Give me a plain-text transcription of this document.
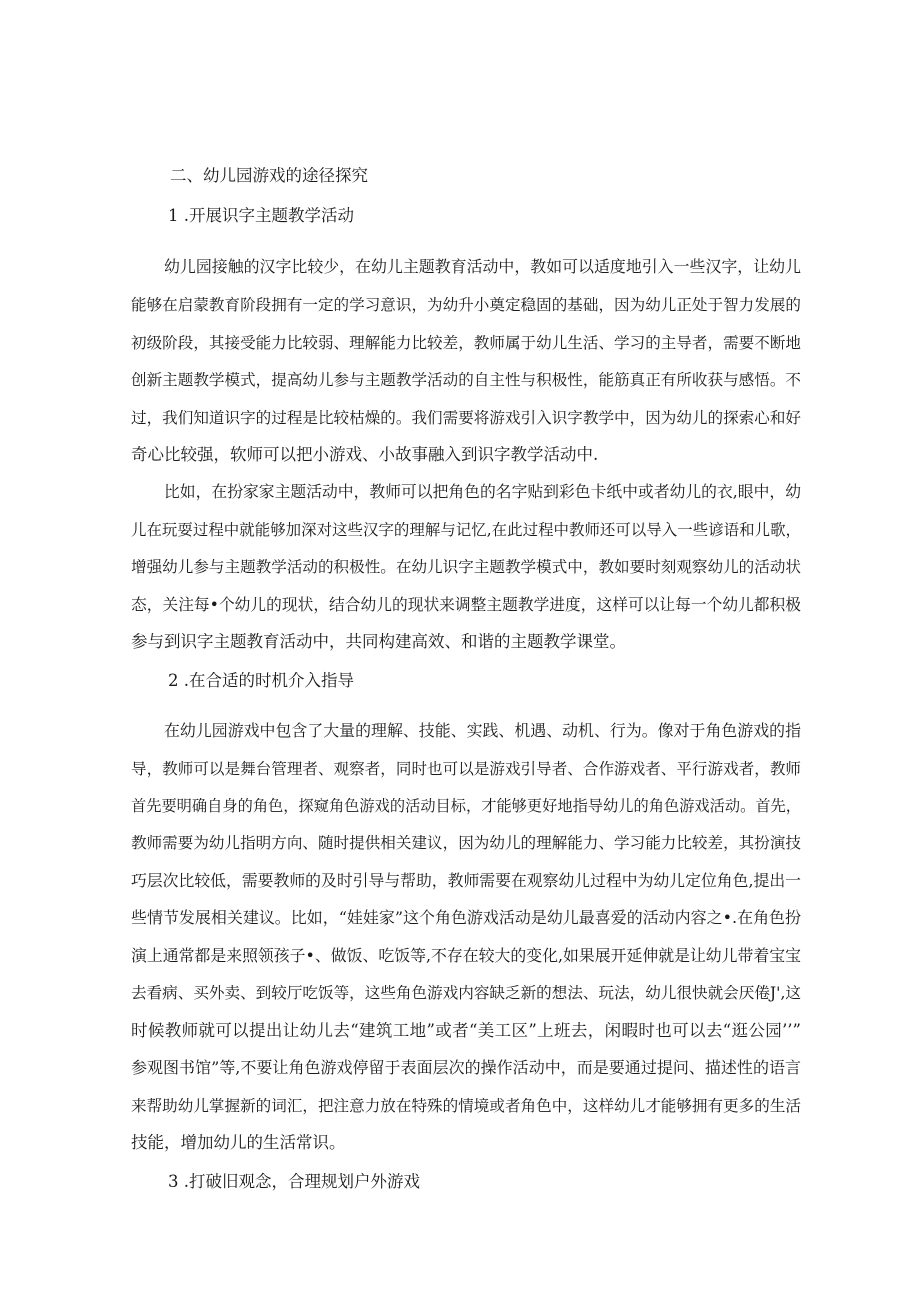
二、幼儿园游戏的途径探究
1 .开展识字主题教学活动
幼儿园接触的汉字比较少，在幼儿主题教育活动中，教如可以适度地引入一些汉字，让幼儿
能够在启蒙教育阶段拥有一定的学习意识，为幼升小奠定稳固的基础，因为幼儿正处于智力发展的
初级阶段，其接受能力比较弱、理解能力比较差，教师属于幼儿生活、学习的主导者，需要不断地
创新主题教学模式，提高幼儿参与主题教学活动的自主性与积极性，能筋真正有所收获与感悟。不
过，我们知道识字的过程是比较枯燥的。我们需要将游戏引入识字教学中，因为幼儿的探索心和好
奇心比较强，软师可以把小游戏、小故事融入到识字教学活动中.
比如，在扮家家主题活动中，教师可以把角色的名字贴到彩色卡纸中或者幼儿的衣,眼中，幼
儿在玩耍过程中就能够加深对这些汉字的理解与记忆,在此过程中教师还可以导入一些谚语和儿歌，
增强幼儿参与主题教学活动的积极性。在幼儿识字主题教学模式中，教如要时刻观察幼儿的活动状
态，关注每•个幼儿的现状，结合幼儿的现状来调整主题教学进度，这样可以让每一个幼儿都积极
参与到识字主题教育活动中，共同构建高效、和谐的主题教学课堂。
2 .在合适的时机介入指导
在幼儿园游戏中包含了大量的理解、技能、实践、机遇、动机、行为。像对于角色游戏的指
导，教师可以是舞台管理者、观察者，同时也可以是游戏引导者、合作游戏者、平行游戏者，教师
首先要明确自身的角色，探窥角色游戏的活动目标，才能够更好地指导幼儿的角色游戏活动。首先，
教师需要为幼儿指明方向、随时提供相关建议，因为幼儿的理解能力、学习能力比较差，其扮演技
巧层次比较低，需要教师的及时引导与帮助，教师需要在观察幼儿过程中为幼儿定位角色,提出一
些情节发展相关建议。比如，“娃娃家”这个角色游戏活动是幼儿最喜爱的活动内容之•.在角色扮
演上通常都是来照领孩子•、做饭、吃饭等,不存在较大的变化,如果展开延伸就是让幼儿带着宝宝
去看病、买外卖、到较厅吃饭等，这些角色游戏内容缺乏新的想法、玩法，幼儿很快就会厌倦J',这
时候教师就可以提出让幼儿去“建筑工地”或者“美工区”上班去，闲暇时也可以去“逛公园’’”
参观图书馆”等,不要让角色游戏停留于表面层次的操作活动中，而是要通过提问、描述性的语言
来帮助幼儿掌握新的词汇，把注意力放在特殊的情境或者角色中，这样幼儿才能够拥有更多的生活
技能，增加幼儿的生活常识。
3 .打破旧观念，合理规划户外游戏
